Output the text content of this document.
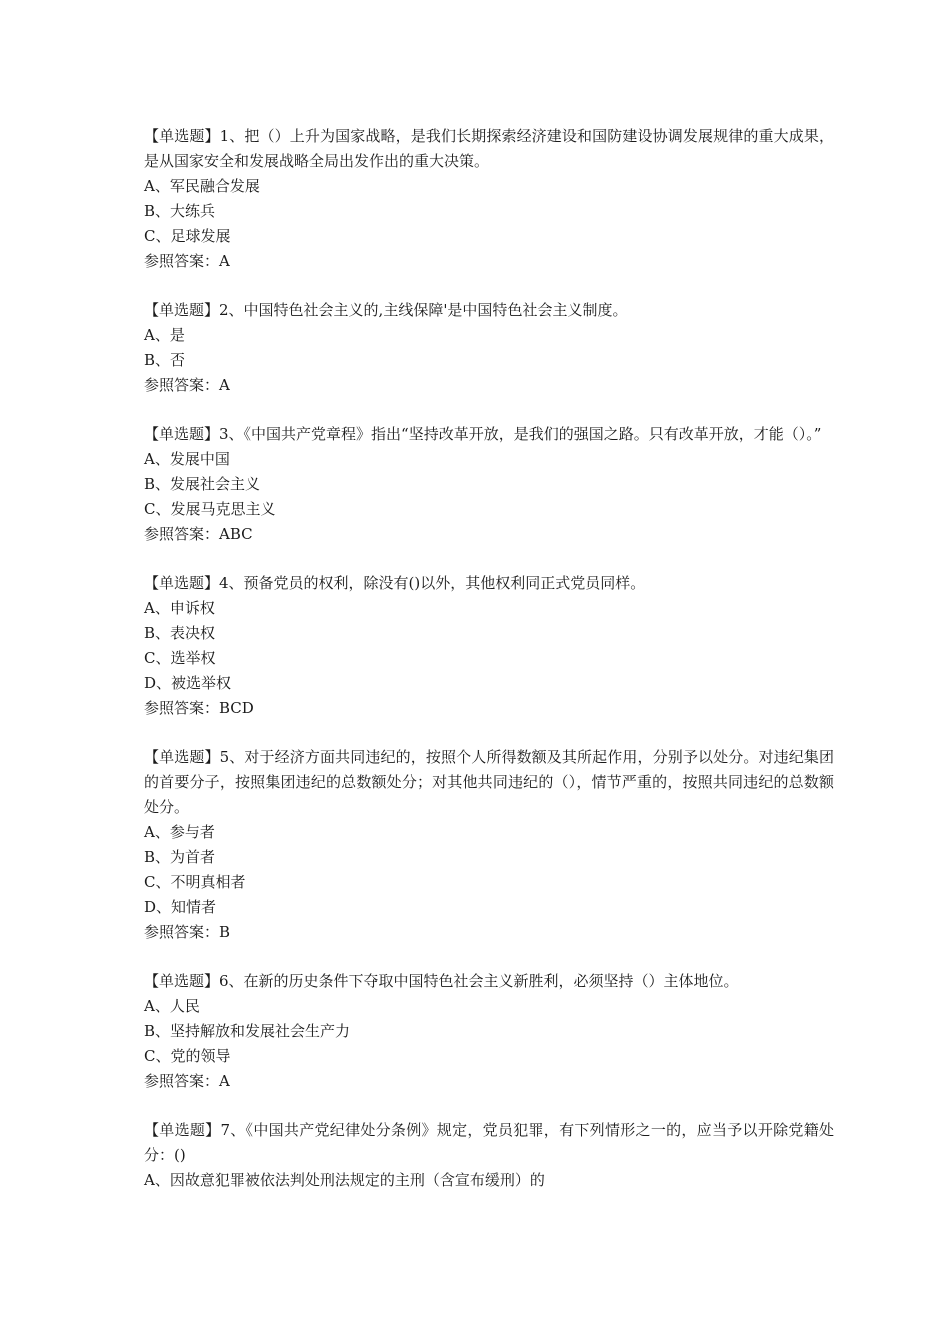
【单选题】1、把（）上升为国家战略，是我们长期探索经济建设和国防建设协调发展规律的重大成果，是从国家安全和发展战略全局出发作出的重大决策。

A、军民融合发展

B、大练兵

C、足球发展

参照答案：A

【单选题】2、中国特色社会主义的,主线保障'是中国特色社会主义制度。

A、是

B、否

参照答案：A

【单选题】3、《中国共产党章程》指出“坚持改革开放，是我们的强国之路。只有改革开放，才能（）。”

A、发展中国

B、发展社会主义

C、发展马克思主义

参照答案：ABC

【单选题】4、预备党员的权利，除没有()以外，其他权利同正式党员同样。

A、申诉权

B、表决权

C、选举权

D、被选举权

参照答案：BCD

【单选题】5、对于经济方面共同违纪的，按照个人所得数额及其所起作用，分别予以处分。对违纪集团的首要分子，按照集团违纪的总数额处分；对其他共同违纪的（），情节严重的，按照共同违纪的总数额处分。

A、参与者

B、为首者

C、不明真相者

D、知情者

参照答案：B

【单选题】6、在新的历史条件下夺取中国特色社会主义新胜利，必须坚持（）主体地位。

A、人民

B、坚持解放和发展社会生产力

C、党的领导

参照答案：A

【单选题】7、《中国共产党纪律处分条例》规定，党员犯罪，有下列情形之一的，应当予以开除党籍处分：()

A、因故意犯罪被依法判处刑法规定的主刑（含宣布缓刑）的
